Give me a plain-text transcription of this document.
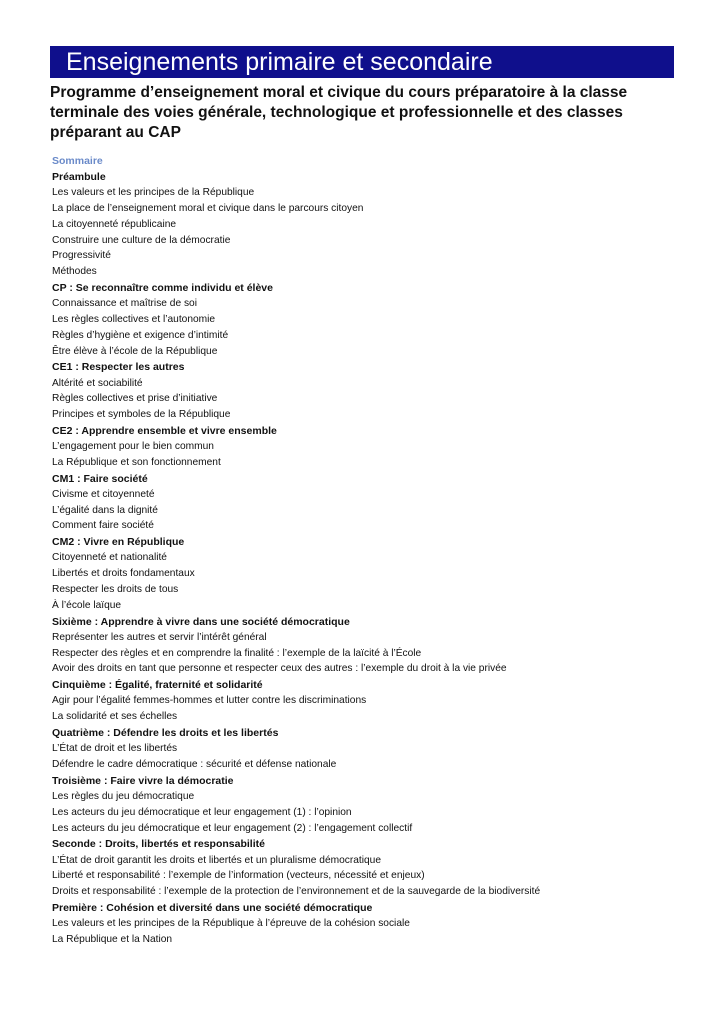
Enseignements primaire et secondaire
Programme d’enseignement moral et civique du cours préparatoire à la classe terminale des voies générale, technologique et professionnelle et des classes préparant au CAP
Sommaire
Préambule
Les valeurs et les principes de la République
La place de l’enseignement moral et civique dans le parcours citoyen
La citoyenneté républicaine
Construire une culture de la démocratie
Progressivité
Méthodes
CP : Se reconnaître comme individu et élève
Connaissance et maîtrise de soi
Les règles collectives et l’autonomie
Règles d’hygiène et exigence d’intimité
Être élève à l’école de la République
CE1 : Respecter les autres
Altérité et sociabilité
Règles collectives et prise d’initiative
Principes et symboles de la République
CE2 : Apprendre ensemble et vivre ensemble
L’engagement pour le bien commun
La République et son fonctionnement
CM1 : Faire société
Civisme et citoyenneté
L’égalité dans la dignité
Comment faire société
CM2 : Vivre en République
Citoyenneté et nationalité
Libertés et droits fondamentaux
Respecter les droits de tous
À l’école laïque
Sixième : Apprendre à vivre dans une société démocratique
Représenter les autres et servir l’intérêt général
Respecter des règles et en comprendre la finalité : l’exemple de la laïcité à l’École
Avoir des droits en tant que personne et respecter ceux des autres : l’exemple du droit à la vie privée
Cinquième : Égalité, fraternité et solidarité
Agir pour l’égalité femmes-hommes et lutter contre les discriminations
La solidarité et ses échelles
Quatrième : Défendre les droits et les libertés
L’État de droit et les libertés
Défendre le cadre démocratique : sécurité et défense nationale
Troisième : Faire vivre la démocratie
Les règles du jeu démocratique
Les acteurs du jeu démocratique et leur engagement (1) : l’opinion
Les acteurs du jeu démocratique et leur engagement (2) : l’engagement collectif
Seconde : Droits, libertés et responsabilité
L’État de droit garantit les droits et libertés et un pluralisme démocratique
Liberté et responsabilité : l’exemple de l’information (vecteurs, nécessité et enjeux)
Droits et responsabilité : l’exemple de la protection de l’environnement et de la sauvegarde de la biodiversité
Première : Cohésion et diversité dans une société démocratique
Les valeurs et les principes de la République à l’épreuve de la cohésion sociale
La République et la Nation
